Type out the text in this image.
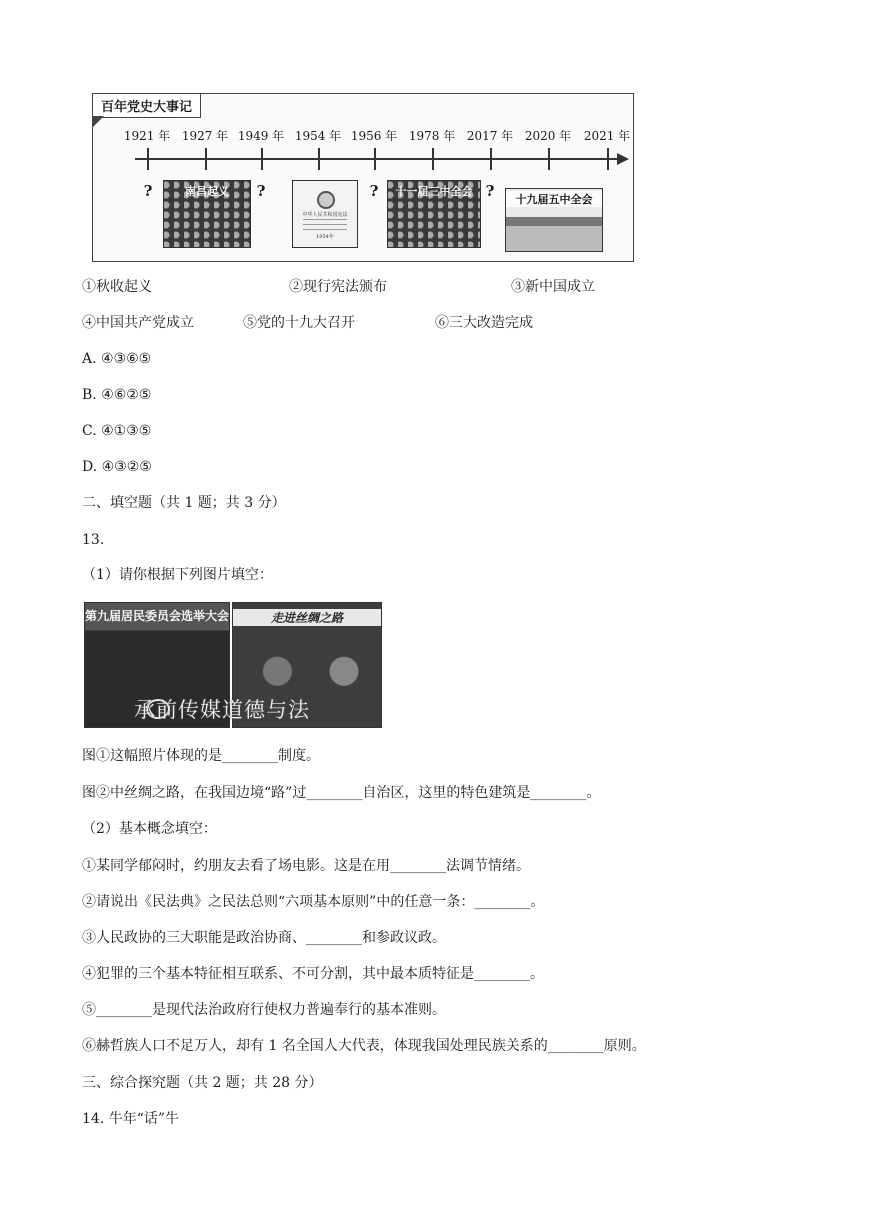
百年党史大事记
1921 年 1927 年 1949 年 1954 年 1956 年 1978 年 2017 年 2020 年 2021 年
?	?	?	?
南昌起义
中华人民共和国宪法
1954年
十一届三中全会
十九届五中全会
①秋收起义	②现行宪法颁布	③新中国成立
④中国共产党成立	⑤党的十九大召开	⑥三大改造完成
A. ④③⑥⑤
B. ④⑥②⑤
C. ④①③⑤
D. ④③②⑤
二、填空题（共 1 题；共 3 分）
13.
（1）请你根据下列图片填空：
第九届居民委员会选举大会	走进丝绸之路
承前传媒道德与法
图①这幅照片体现的是________制度。
图②中丝绸之路，在我国边境“路”过________自治区，这里的特色建筑是________。
（2）基本概念填空：
①某同学郁闷时，约朋友去看了场电影。这是在用________法调节情绪。
②请说出《民法典》之民法总则“六项基本原则”中的任意一条：________。
③人民政协的三大职能是政治协商、________和参政议政。
④犯罪的三个基本特征相互联系、不可分割，其中最本质特征是________。
⑤________是现代法治政府行使权力普遍奉行的基本准则。
⑥赫哲族人口不足万人，却有 1 名全国人大代表，体现我国处理民族关系的________原则。
三、综合探究题（共 2 题；共 28 分）
14. 牛年“话”牛
